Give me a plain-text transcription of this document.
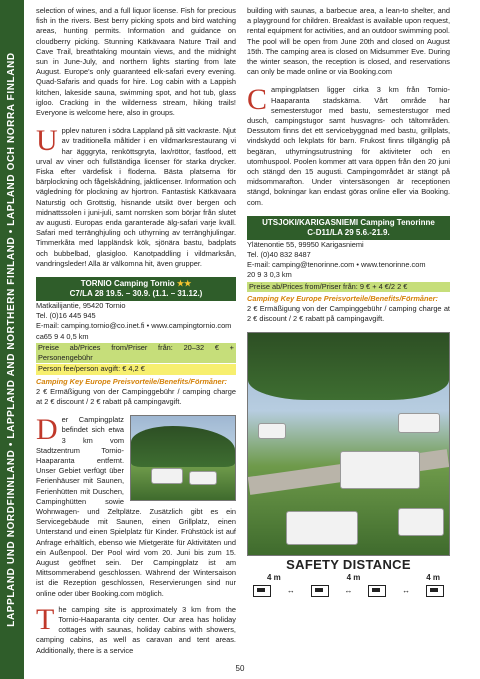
LAPPLAND UND NORDFINNLAND • LAPPLAND AND NORTHERN FINLAND • LAPLAND OCH NORRA FINLAND

selection of wines, and a full liquor license. Fish for precious fish in the rivers. Best berry picking spots and bird watching areas, hunting permits. Information and guidance on cloudberry picking. Stunning Kätkävaara Nature Trail and Cave Trail, breathtaking mountain views, and the midnight sun in June-July, and northern lights starting from late August. Europe's only guaranteed elk-safari every evening. Quad-Safaris and quads for hire. Log cabin with a Lappish kitchen, lakeside sauna, swimming spot, and hot tub, glass igloo. Cracking in the wilderness stream, hiking trails! Everyone is welcome here, also in groups.

Upplev naturen i södra Lappland på sitt vackraste. Njut av traditionella måltider i en vildmarksrestaurang vi har ägggryta, renköttsgryta, lax/röttor, fastfood, ett urval av viner och fullständiga licenser för starka drycker. Fiska efter värdefisk i floderna. Bästa platserna för bärplockning och fågelskådning, jaktlicenser. Information och vägledning för plockning av hjortron. Fantastisk Kätkävaara Naturstig och Grottstig, hisnande utsikt över bergen och midnattssolen i juni-juli, samt norrsken som börjar från slutet av augusti. Europas enda garanterade älg-safari varje kväll. Safari med terränghjuling och uthyrning av terränghjulingar. Timmerkåta med lappländsk kök, sjönära bastu, badplats och bubbelbad, glasigloo. Kanotpaddling i vildmarksån, vandringsleder! Alla är välkomna hit, även grupper.

TORNIO Camping Tornio ★★
C7/LA 28 19.5. – 30.9. (1.1. – 31.12.)
Matkailijantie, 95420 Tornio
Tel. (0)16 445 945
E-mail: camping.tornio@co.inet.fi • www.campingtornio.com
ca65 9 4 0,5 km
Preise ab/Prices from/Priser från: 20–32 € + Personengebühr
Person fee/person avgift: € 4,2 €
Camping Key Europe Preisvorteile/Benefits/Förmåner:

2 € Ermäßigung von der Campinggebühr / camping charge at 2 € discount / 2 € rabatt på campingavgift.

Der Campingplatz befindet sich etwa 3 km vom Stadtzentrum Tornio-Haaparanta entfernt. Unser Gebiet verfügt über Ferienhäuser mit Saunen, Ferienhütten mit Duschen, Campinghütten sowie Wohnwagen- und Zeltplätze. Zusätzlich gibt es ein Servicegebäude mit Saunen, einen Grillplatz, einen Unterstand und einen Spielplatz für Kinder. Frühstück ist auf Anfrage erhältlich, ebenso wie Mietgeräte für Aktivitäten und ein Außenpool. Der Pool wird vom 20. Juni bis zum 15. August geöffnet sein. Der Campingplatz ist am Mittsommerabend geschlossen. Während der Wintersaison ist die Rezeption geschlossen, Reservierungen sind nur online oder über Booking.com möglich.

The camping site is approximately 3 km from the Tornio-Haaparanta city center. Our area has holiday cottages with saunas, holiday cabins with showers, camping cabins, as well as caravan and tent areas. Additionally, there is a service

building with saunas, a barbecue area, a lean-to shelter, and a playground for children. Breakfast is available upon request, rental equipment for activities, and an outdoor swimming pool. The pool will be open from June 20th and closed on August 15th. The camping area is closed on Midsummer Eve. During the winter season, the reception is closed, and reservations can only be made online or via Booking.com

Campingplatsen ligger cirka 3 km från Tornio-Haaparanta stadskärna. Vårt område har semesterstugor med bastu, semesterstugor med dusch, campingstugor samt husvagns- och tältområden. Dessutom finns det ett servicebyggnad med bastu, grillplats, vindskydd och lekplats för barn. Frukost finns tillgänglig på begäran, uthyrningsutrustning för aktiviteter och en utomhuspool. Poolen kommer att vara öppen från den 20 juni och stängd den 15 augusti. Campingområdet är stängt på midsommarafton. Under vintersäsongen är receptionen stängd, bokningar kan endast göras online eller via Booking. com.

UTSJOKI/KARIGASNIEMI Camping Tenorinne
C-D11/LA 29 5.6.-21.9.
Ylätenontie 55, 99950 Karigasniemi
Tel. (0)40 832 8487
E-mail: camping@tenorinne.com • www.tenorinne.com
20 9 3 0,3 km
Preise ab/Prices from/Priser från: 9 € + 4 €/2 2 €
Camping Key Europe Preisvorteile/Benefits/Förmåner:

2 € Ermäßigung von der Campinggebühr / camping charge at 2 € discount / 2 € rabatt på campingavgift.

SAFETY DISTANCE
4 m	4 m	4 m
↔	↔	↔
50
